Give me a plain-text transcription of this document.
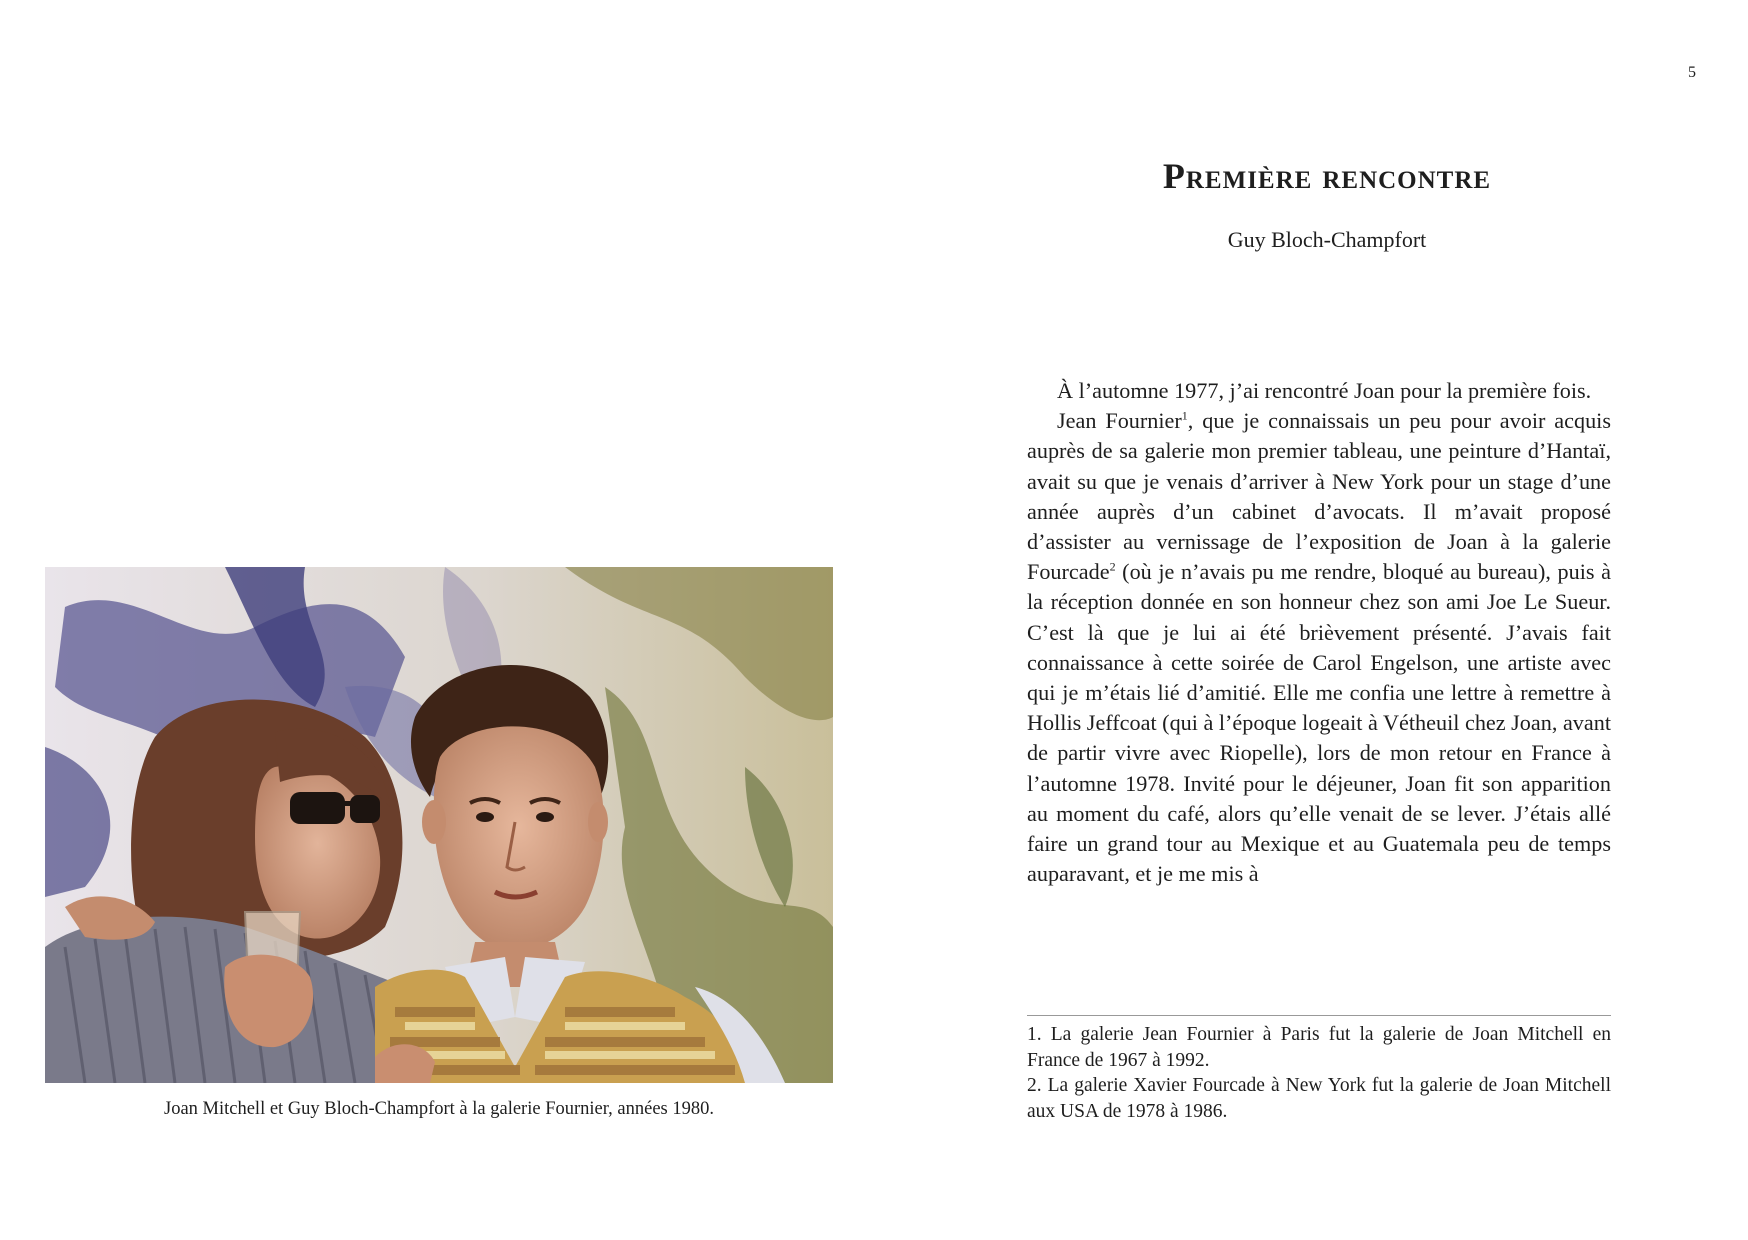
5
Première rencontre
Guy Bloch-Champfort

À l’automne 1977, j’ai rencontré Joan pour la première fois.

Jean Fournier$^1$, que je connaissais un peu pour avoir acquis auprès de sa galerie mon premier tableau, une peinture d’Hantaï, avait su que je venais d’arriver à New York pour un stage d’une année auprès d’un cabinet d’avocats. Il m’avait proposé d’assister au vernissage de l’exposition de Joan à la galerie Fourcade$^2$ (où je n’avais pu me rendre, bloqué au bureau), puis à la réception donnée en son honneur chez son ami Joe Le Sueur. C’est là que je lui ai été brièvement présenté. J’avais fait connaissance à cette soirée de Carol Engelson, une artiste avec qui je m’étais lié d’amitié. Elle me confia une lettre à remettre à Hollis Jeffcoat (qui à l’époque logeait à Vétheuil chez Joan, avant de partir vivre avec Riopelle), lors de mon retour en France à l’automne 1978. Invité pour le déjeuner, Joan fit son apparition au moment du café, alors qu’elle venait de se lever. J’étais allé faire un grand tour au Mexique et au Guatemala peu de temps auparavant, et je me mis à

1. La galerie Jean Fournier à Paris fut la galerie de Joan Mitchell en France de 1967 à 1992.

2. La galerie Xavier Fourcade à New York fut la galerie de Joan Mitchell aux USA de 1978 à 1986.

Joan Mitchell et Guy Bloch-Champfort à la galerie Fournier, années 1980.
